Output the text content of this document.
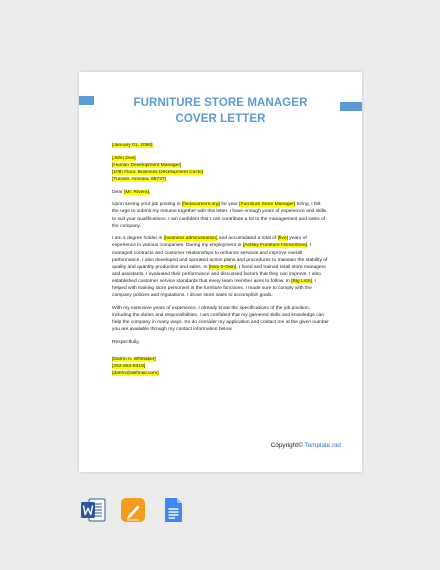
FURNITURE STORE MANAGER
COVER LETTER
[January 01, 2050]
[John Doe]
[Human Development Manager]
[10th Floor, Business Development Circle]
[Tucson, Arizona, 85737]
Dear [Mr. Rivera],
Upon seeing your job posting in [findacareers.org] for your [Furniture Store Manager] hiring, I felt
the urge to submit my resume together with this letter. I have enough years of experience and skills
to suit your qualifications. I am confident that I can contribute a lot to the management and sales of
the company.
I am a degree holder in [business administration] and accumulated a total of [five] years of
experience in various companies. During my employment in [Ashley Furniture HomeStore], I
managed contracts and customer relationships to enhance services and improve overall
performance. I also developed and operated action plans and procedures to maintain the stability of
quality and quantity production and sales. In [Nov-2-Own], I hired and trained retail store managers
and assistants. I evaluated their performance and discussed factors that they can improve. I also
established customer service standards that every team member aims to follow. In [Big Lotn], I
helped with training store personnel in the furniture functions. I made sure to comply with the
company policies and regulations. I drove store sales to accomplish goals.
With my extensive years of experience, I already know the specifications of the job position,
including the duties and responsibilities. I am confident that my garnered skills and knowledge can
help the company in many ways. So do consider my application and contact me at the given number
you are available through my contact information below.
Respectfully,
[Darrin A. Whittaker]
[253-884-9319]
[darrin@defmail.com]
Copyright© Template.net
